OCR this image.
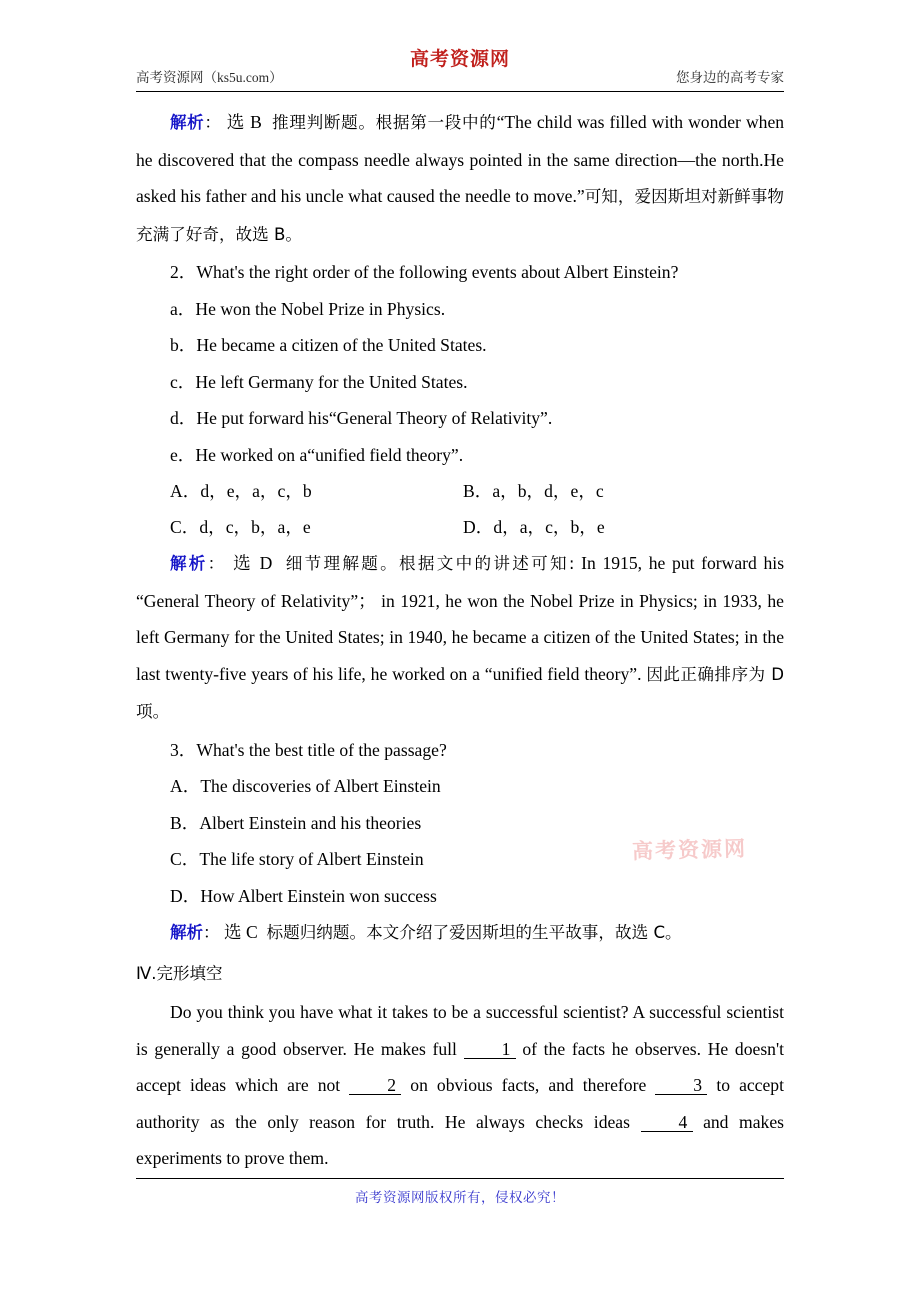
高考资源网
高考资源网（ks5u.com）	您身边的高考专家

解析： 选 B 推理判断题。根据第一段中的“The child was filled with wonder when he discovered that the compass needle always pointed in the same direction—the north.He asked his father and his uncle what caused the needle to move.”可知，爱因斯坦对新鲜事物充满了好奇，故选 B。

2．What's the right order of the following events about Albert Einstein?

a．He won the Nobel Prize in Physics.

b．He became a citizen of the United States.

c．He left Germany for the United States.

d．He put forward his“General Theory of Relativity”.

e．He worked on a“unified field theory”.

A．d，e，a，c，b	B．a，b，d，e，c

C．d，c，b，a，e	D．d，a，c，b，e

解析： 选 D 细节理解题。根据文中的讲述可知: In 1915, he put forward his “General Theory of Relativity”； in 1921, he won the Nobel Prize in Physics; in 1933, he left Germany for the United States; in 1940, he became a citizen of the United States; in the last twenty-five years of his life, he worked on a “unified field theory”. 因此正确排序为 D 项。

3．What's the best title of the passage?

A．The discoveries of Albert Einstein

B．Albert Einstein and his theories

C．The life story of Albert Einstein

D．How Albert Einstein won success

解析： 选 C 标题归纳题。本文介绍了爱因斯坦的生平故事，故选 C。

Ⅳ.完形填空

Do you think you have what it takes to be a successful scientist? A successful scientist is generally a good observer. He makes full	1 of the facts he observes. He doesn't accept ideas which are not	2 on obvious facts, and therefore	3 to accept authority as the only reason for truth. He always checks ideas	4 and makes experiments to prove them.

高考资源网
高考资源网版权所有，侵权必究！
